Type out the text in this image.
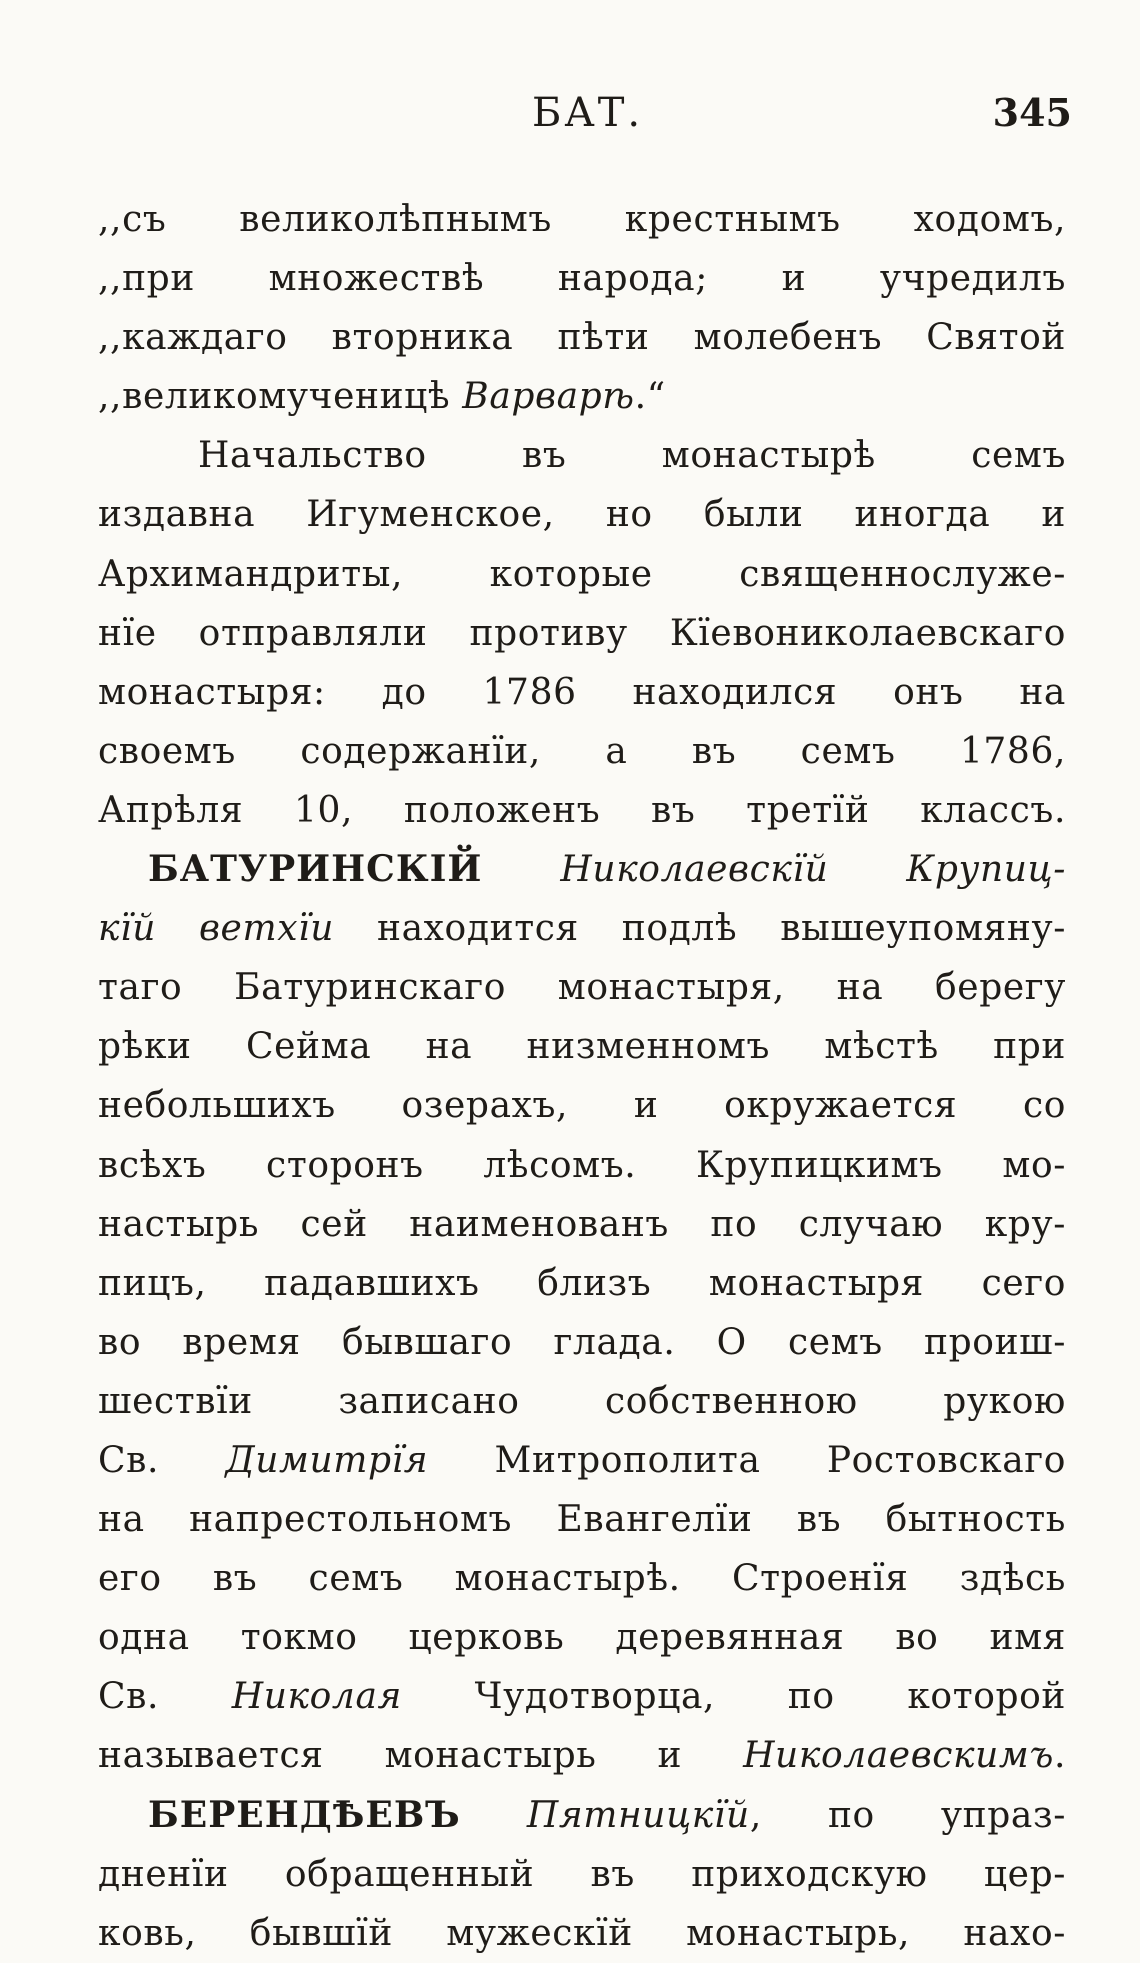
БАТ.	345
,,съ великолѣпнымъ крестнымъ ходомъ,
,,при множествѣ народа; и учредилъ
,,каждаго вторника пѣти молебенъ Святой
,,великомученицѣ Варварѣ.“
Начальство въ монастырѣ семъ
издавна Игуменское, но были иногда и
Архимандриты, которые священнослуже-
нїе отправляли противу Кїевониколаевскаго
монастыря: до 1786 находился онъ на
своемъ содержанїи, а въ семъ 1786,
Апрѣля 10, положенъ въ третїй классъ.
БАТУРИНСКІЙ Николаевскїй Крупиц-
кїй ветхїи находится подлѣ вышеупомяну-
таго Батуринскаго монастыря, на берегу
рѣки Сейма на низменномъ мѣстѣ при
небольшихъ озерахъ, и окружается со
всѣхъ сторонъ лѣсомъ. Крупицкимъ мо-
настырь сей наименованъ по случаю кру-
пицъ, падавшихъ близъ монастыря сего
во время бывшаго глада. О семъ проиш-
шествїи записано собственною рукою
Св. Димитрїя Митрополита Ростовскаго
на напрестольномъ Евангелїи въ бытность
его въ семъ монастырѣ. Строенїя здѣсь
одна токмо церковь деревянная во имя
Св. Николая Чудотворца, по которой
называется монастырь и Николаевскимъ.
БЕРЕНДѢЕВЪ Пятницкїй, по упраз-
дненїи обращенный въ приходскую цер-
ковь, бывшїй мужескїй монастырь, нахо-
